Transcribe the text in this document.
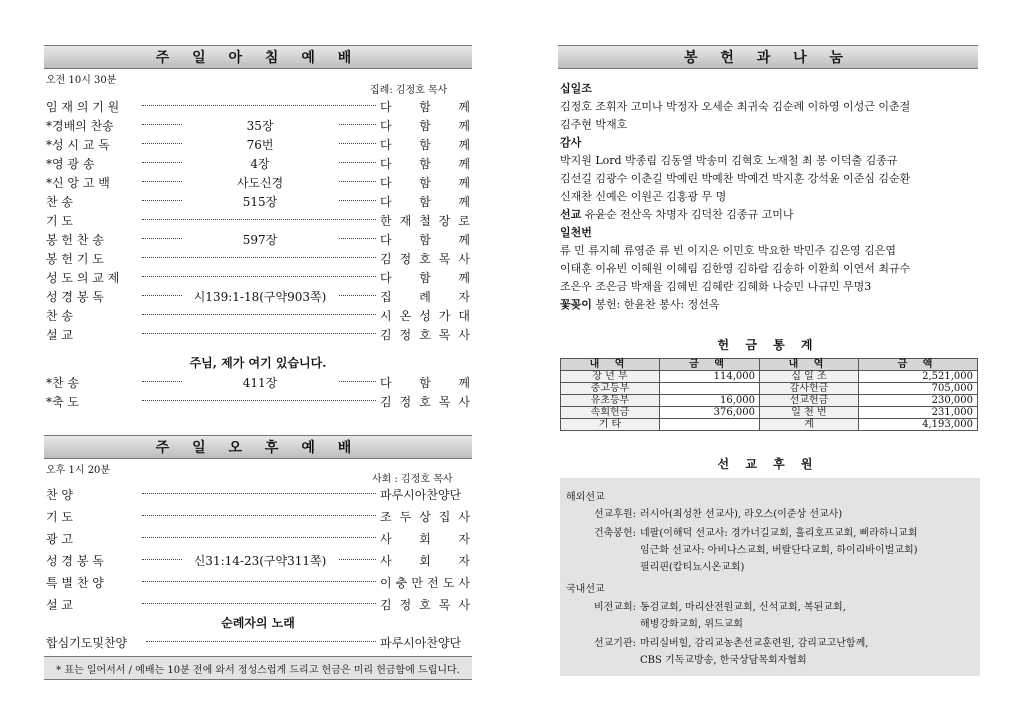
주 일 아 침 예 배
오전 10시 30분
집례: 김정호 목사
임 재 의 기 원	다 함 께
*경배의 찬송	35장	다 함 께
*성 시 교 독	76번	다 함 께
*영 광 송	4장	다 함 께
*신 앙 고 백	사도신경	다 함 께
찬 송	515장	다 함 께
기 도	한 재 철 장 로
봉 헌 찬 송	597장	다 함 께
봉 헌 기 도	김 정 호 목 사
성 도 의 교 제	다 함 께
성 경 봉 독	시139:1-18(구약903쪽)	집 례 자
찬 송	시 온 성 가 대
설 교	김 정 호 목 사
주님, 제가 여기 있습니다.
*찬 송	411장	다 함 께
*축 도	김 정 호 목 사
주 일 오 후 예 배
오후 1시 20분
사회 : 김정호 목사
찬 양	파루시아찬양단
기 도	조 두 상 집 사
광 고	사 회 자
성 경 봉 독	신31:14-23(구약311쪽)	사 회 자
특 별 찬 양	이 충 만 전 도 사
설 교	김 정 호 목 사
순례자의 노래
합심기도및찬양	파루시아찬양단
* 표는 일어서서 / 예배는 10분 전에 와서 정성스럽게 드리고 헌금은 미리 헌금함에 드립니다.
봉 헌 과 나 눔
십일조
김정호 조휘자 고미나 박정자 오세순 최귀숙 김순례 이하영 이성근 이춘절
김주현 박재호
감사
박지원 Lord 박종림 김동열 박송미 김혁호 노재철 최 봉 이덕출 김종규
김선길 김광수 이춘길 박예린 박예찬 박예건 박지훈 강석윤 이준심 김순환
신재찬 신예은 이원곤 김홍광 무 명
선교 유윤순 전산옥 차명자 김덕찬 김종규 고미나
일천번
류 민 류지혜 류영준 류 빈 이지은 이민호 박요한 박민주 김은영 김은엽
이태훈 이유빈 이혜원 이혜림 김한영 김하람 김송하 이환희 이연서 최규수
조은우 조은금 박재율 김혜빈 김혜란 김혜화 나승민 나규민 무명3
꽃꽂이 봉헌: 한윤찬 봉사: 정선옥
헌 금 통 계
내 역	금 액	내 역	금 액
장 년 부	114,000	십 일 조	2,521,000
중고등부		감사헌금	705,000
유초등부	16,000	선교헌금	230,000
속회헌금	376,000	일 천 번	231,000
기 타		계	4,193,000
선 교 후 원
해외선교
선교후원: 러시아(최성찬 선교사), 라오스(이준상 선교사)
건축봉헌: 네팔(이해덕 선교사: 경가너길교회, 훌리호프교회, 삐라하니교회
임근화 선교사: 아비나스교회, 버랄단다교회, 하이리바이벌교회)
필리핀(캅티뇨시온교회)
국내선교
비전교회: 동검교회, 마리산전원교회, 신석교회, 복된교회,
해병강화교회, 위드교회
선교기관: 마리실버힐, 감리교농촌선교훈련원, 감리교고난함께,
CBS 기독교방송, 한국상담목회자협회
